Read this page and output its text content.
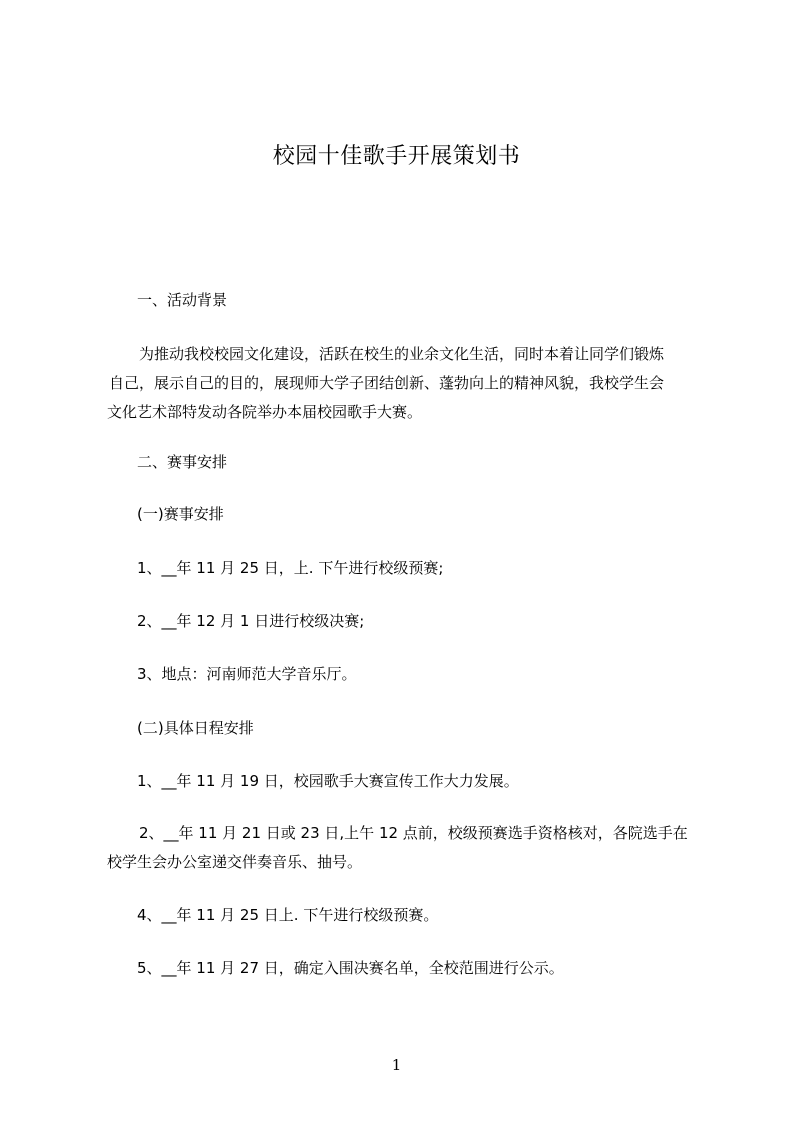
校园十佳歌手开展策划书
一、活动背景
为推动我校校园文化建设，活跃在校生的业余文化生活，同时本着让同学们锻炼
自己，展示自己的目的，展现师大学子团结创新、蓬勃向上的精神风貌，我校学生会
文化艺术部特发动各院举办本届校园歌手大赛。
二、赛事安排
(一)赛事安排
1、__年 11 月 25 日，上. 下午进行校级预赛;
2、__年 12 月 1 日进行校级决赛;
3、地点：河南师范大学音乐厅。
(二)具体日程安排
1、__年 11 月 19 日，校园歌手大赛宣传工作大力发展。
2、__年 11 月 21 日或 23 日,上午 12 点前，校级预赛选手资格核对，各院选手在
校学生会办公室递交伴奏音乐、抽号。
4、__年 11 月 25 日上. 下午进行校级预赛。
5、__年 11 月 27 日，确定入围决赛名单，全校范围进行公示。
1
